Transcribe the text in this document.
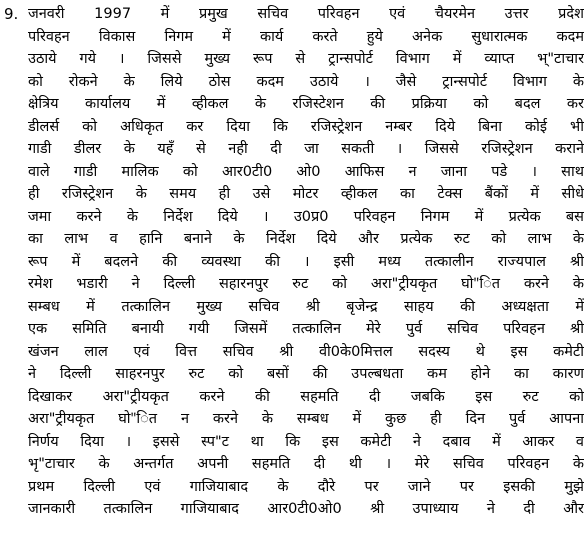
9. जनवरी 1997 में प्रमुख सचिव परिवहन एवं चैयरमेन उत्तर प्रदेश
परिवहन विकास निगम में कार्य करते हुये अनेक सुधारात्मक कदम
उठाये गये । जिससे मुख्य रूप से ट्रान्सपोर्ट विभाग में व्याप्त भ्"टाचार
को रोकने के लिये ठोस कदम उठाये । जैसे ट्रान्सपोर्ट विभाग के
क्षेत्रिय कार्यालय में व्हीकल के रजिस्टेशन की प्रक्रिया को बदल कर
डीलर्स को अधिकृत कर दिया कि रजिस्ट्रेशन नम्बर दिये बिना कोई भी
गाडी डीलर के यहॅं से नही दी जा सकती । जिससे रजिस्ट्रेशन कराने
वाले गाडी मालिक को आर0टी0 ओ0 आफिस न जाना पडे । साथ
ही रजिस्ट्रेशन के समय ही उसे मोटर व्हीकल का टेक्स बैंकों में सीधे
जमा करने के निर्देश दिये । उ0प्र0 परिवहन निगम में प्रत्येक बस
का लाभ व हानि बनाने के निर्देश दिये और प्रत्येक रुट को लाभ के
रूप में बदलने की व्यवस्था की । इसी मध्य तत्कालीन राज्यपाल श्री
रमेश भडारी ने दिल्ली सहारनपुर रुट को अरा"ट्रीयकृत घो"ित करने के
सम्बध में तत्कालिन मुख्य सचिव श्री बृजेन्द्र साहय की अध्यक्षता में
एक समिति बनायी गयी जिसमें तत्कालिन मेरे पुर्व सचिव परिवहन श्री
खंजन लाल एवं वित्त सचिव श्री वी0के0मित्तल सदस्य थे इस कमेटी
ने दिल्ली साहरनपुर रुट को बसों की उपल्बधता कम होने का कारण
दिखाकर अरा"ट्रीयकृत करने की सहमति दी जबकि इस रुट को
अरा"ट्रीयकृत घो"ित न करने के सम्बध में कुछ ही दिन पुर्व आपना
निर्णय दिया । इससे स्प"ट था कि इस कमेटी ने दबाव में आकर व
भृ"टाचार के अन्तर्गत अपनी सहमति दी थी । मेरे सचिव परिवहन के
प्रथम दिल्ली एवं गाजियाबाद के दौरे पर जाने पर इसकी मुझे
जानकारी तत्कालिन गाजियाबाद आर0टी0ओ0 श्री उपाध्याय ने दी और
